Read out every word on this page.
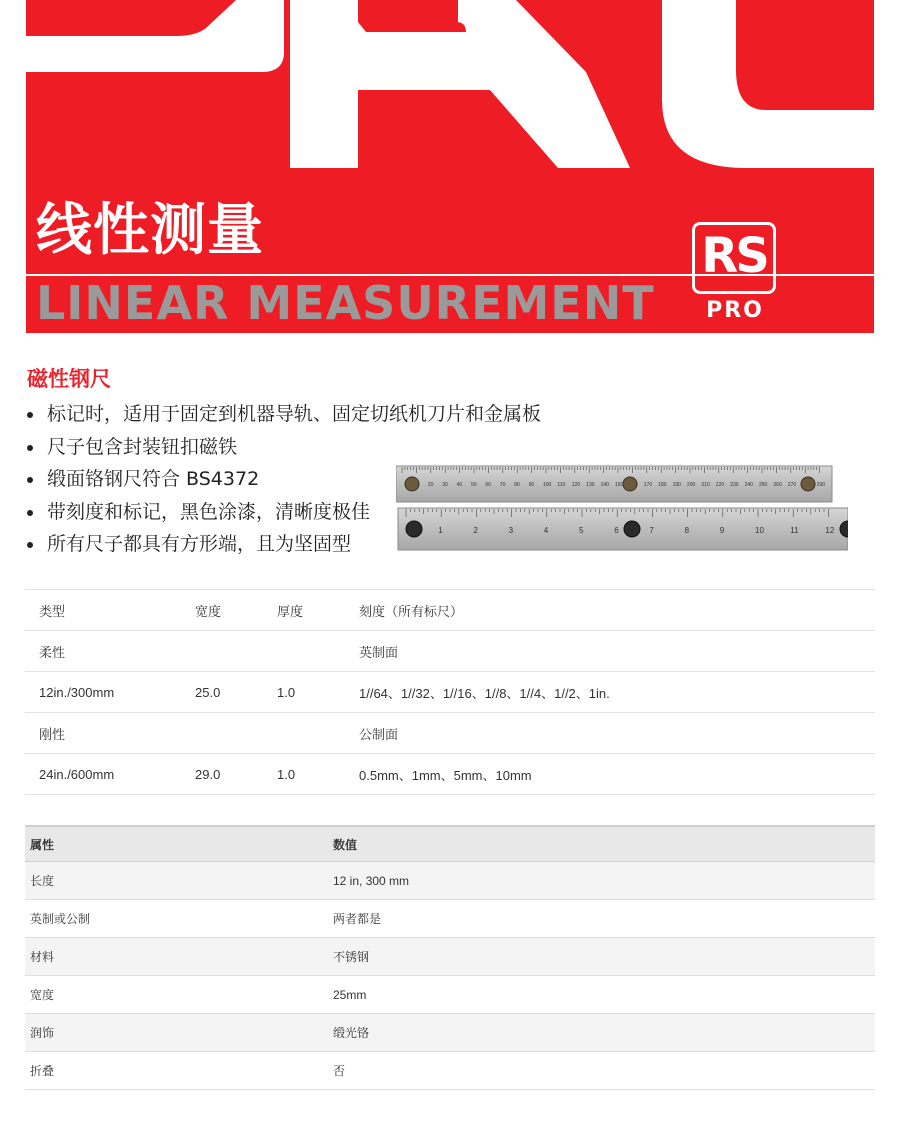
线性测量
LINEAR MEASUREMENT
RS
PRO
磁性钢尺
标记时，适用于固定到机器导轨、固定切纸机刀片和金属板
尺子包含封装钮扣磁铁
缎面铬钢尺符合 BS4372
带刻度和标记，黑色涂漆，清晰度极佳
所有尺子都具有方形端，且为坚固型
20 30 40 50 60 70 80 90 100 110 120 130 140 150	170 180 190 200 210 220 230 240 250 260 270	290
1	2	3	4	5	6	7	8	9	10	11	12
类型	宽度	厚度	刻度（所有标尺）
柔性			英制面
12in./300mm	25.0	1.0	1//64、1//32、1//16、1//8、1//4、1//2、1in.
刚性			公制面
24in./600mm	29.0	1.0	0.5mm、1mm、5mm、10mm
属性	数值
长度	12 in, 300 mm
英制或公制	两者都是
材料	不锈钢
宽度	25mm
润饰	缎光铬
折叠	否
